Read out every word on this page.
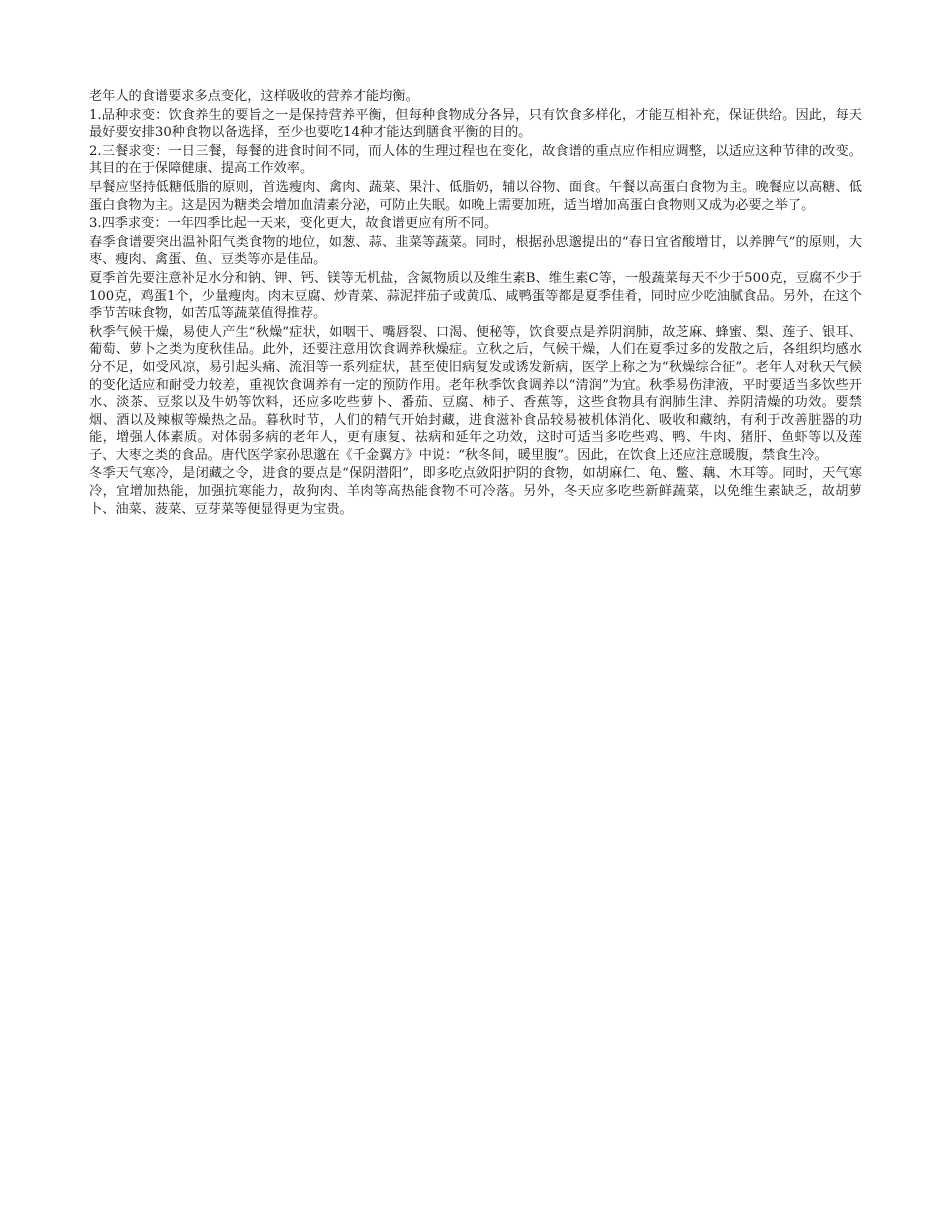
老年人的食谱要求多点变化，这样吸收的营养才能均衡。

1.品种求变：饮食养生的要旨之一是保持营养平衡，但每种食物成分各异，只有饮食多样化，才能互相补充，保证供给。因此，每天最好要安排30种食物以备选择，至少也要吃14种才能达到膳食平衡的目的。

2.三餐求变：一日三餐，每餐的进食时间不同，而人体的生理过程也在变化，故食谱的重点应作相应调整，以适应这种节律的改变。其目的在于保障健康、提高工作效率。

早餐应坚持低糖低脂的原则，首选瘦肉、禽肉、蔬菜、果汁、低脂奶，辅以谷物、面食。午餐以高蛋白食物为主。晚餐应以高糖、低蛋白食物为主。这是因为糖类会增加血清素分泌，可防止失眠。如晚上需要加班，适当增加高蛋白食物则又成为必要之举了。

3.四季求变：一年四季比起一天来，变化更大，故食谱更应有所不同。

春季食谱要突出温补阳气类食物的地位，如葱、蒜、韭菜等蔬菜。同时，根据孙思邈提出的“春日宜省酸增甘，以养脾气”的原则，大枣、瘦肉、禽蛋、鱼、豆类等亦是佳品。

夏季首先要注意补足水分和钠、钾、钙、镁等无机盐，含氮物质以及维生素B、维生素C等，一般蔬菜每天不少于500克，豆腐不少于100克，鸡蛋1个，少量瘦肉。肉末豆腐、炒青菜、蒜泥拌茄子或黄瓜、咸鸭蛋等都是夏季佳肴，同时应少吃油腻食品。另外，在这个季节苦味食物，如苦瓜等蔬菜值得推荐。

秋季气候干燥，易使人产生“秋燥”症状，如咽干、嘴唇裂、口渴、便秘等，饮食要点是养阴润肺，故芝麻、蜂蜜、梨、莲子、银耳、葡萄、萝卜之类为度秋佳品。此外，还要注意用饮食调养秋燥症。立秋之后，气候干燥，人们在夏季过多的发散之后，各组织均感水分不足，如受风凉，易引起头痛、流泪等一系列症状，甚至使旧病复发或诱发新病，医学上称之为“秋燥综合征”。老年人对秋天气候的变化适应和耐受力较差，重视饮食调养有一定的预防作用。老年秋季饮食调养以“清润”为宜。秋季易伤津液，平时要适当多饮些开水、淡茶、豆浆以及牛奶等饮料，还应多吃些萝卜、番茄、豆腐、柿子、香蕉等，这些食物具有润肺生津、养阴清燥的功效。要禁烟、酒以及辣椒等燥热之品。暮秋时节，人们的精气开始封藏，进食滋补食品较易被机体消化、吸收和藏纳，有利于改善脏器的功能，增强人体素质。对体弱多病的老年人，更有康复、祛病和延年之功效，这时可适当多吃些鸡、鸭、牛肉、猪肝、鱼虾等以及莲子、大枣之类的食品。唐代医学家孙思邈在《千金翼方》中说：“秋冬间，暖里腹”。因此，在饮食上还应注意暖腹，禁食生冷。

冬季天气寒冷，是闭藏之令，进食的要点是“保阴潜阳”，即多吃点敛阳护阴的食物，如胡麻仁、龟、鳖、藕、木耳等。同时，天气寒冷，宜增加热能，加强抗寒能力，故狗肉、羊肉等高热能食物不可冷落。另外，冬天应多吃些新鲜蔬菜，以免维生素缺乏，故胡萝卜、油菜、菠菜、豆芽菜等便显得更为宝贵。
